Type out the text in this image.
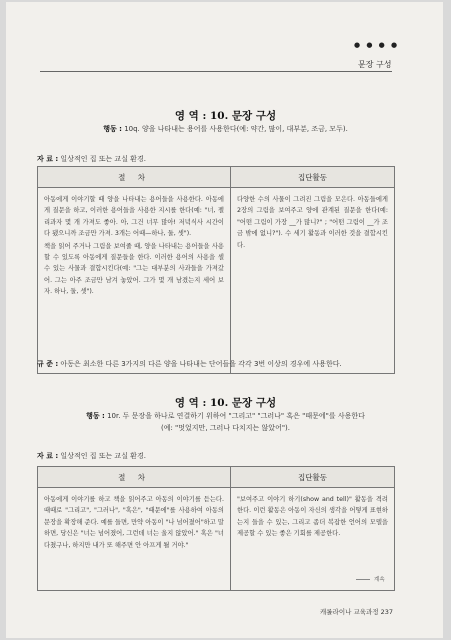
● ● ● ●
문장 구성
영 역 : 10. 문장 구성
행동 : 10q. 양을 나타내는 용어를 사용한다(예: 약간, 많이, 대부분, 조금, 모두).
자 료 : 일상적인 집 또는 교실 환경.
절 차	집단활동

아동에게 이야기할 때 양을 나타내는 용어들을 사용한다. 아동에게 질문을 하고, 이러한 용어들을 사용한 지시를 한다(예: "너, 젤리과자 몇 개 가져도 좋아. 아, 그건 너무 많아! 저녁식사 시간이 다 됐으니까 조금만 가져. 3개는 어때—하나, 둘, 셋").
책을 읽어 주거나 그림을 보여줄 때, 양을 나타내는 용어들을 사용할 수 있도록 아동에게 질문들을 한다. 이러한 용어의 사용을 셀 수 있는 사물과 결합시킨다(예: "그는 대부분의 사과들을 가져갔어. 그는 아주 조금만 남겨 놓았어. 그가 몇 개 남겼는지 세어 보자. 하나, 둘, 셋").	다양한 수의 사물이 그려진 그림을 모은다. 아동들에게 2장의 그림을 보여주고 양에 관계된 질문을 한다(예: "어떤 그림이 가장 __가 많니?" ; "어떤 그림이 __가 조금 밖에 없니?"). 수 세기 활동과 이러한 것을 결합시킨다.
규 준 : 아동은 최소한 다른 3가지의 다른 양을 나타내는 단어들을 각각 3번 이상의 경우에 사용한다.
영 역 : 10. 문장 구성
행동 : 10r. 두 문장을 하나로 연결하기 위하여 "그리고" "그러나" 혹은 "때문에"를 사용한다
(예: "멋었지만, 그러나 다치지는 않았어").
자 료 : 일상적인 집 또는 교실 환경.
절 차	집단활동

아동에게 이야기를 하고 책을 읽어주고 아동의 이야기를 듣는다. 때때로 "그리고", "그러나", "혹은", "때문에"를 사용하여 아동의 문장을 확장해 준다. 예를 들면, 만약 아동이 "나 넘어졌어"하고 말하면, 당신은 "너는 넘어졌어, 그런데 너는 울지 않았어." 혹은 "너 다쳤구나, 하지만 내가 또 해주면 안 아프게 될 거야."	"보여주고 이야기 하기(show and tell)" 활동을 격려한다. 이런 활동은 아동이 자신의 생각을 어떻게 표현하는지 들을 수 있는, 그리고 좀더 복잡한 언어의 모델을 제공할 수 있는 좋은 기회를 제공한다.
계속
캐롤라이나 교육과정 237
